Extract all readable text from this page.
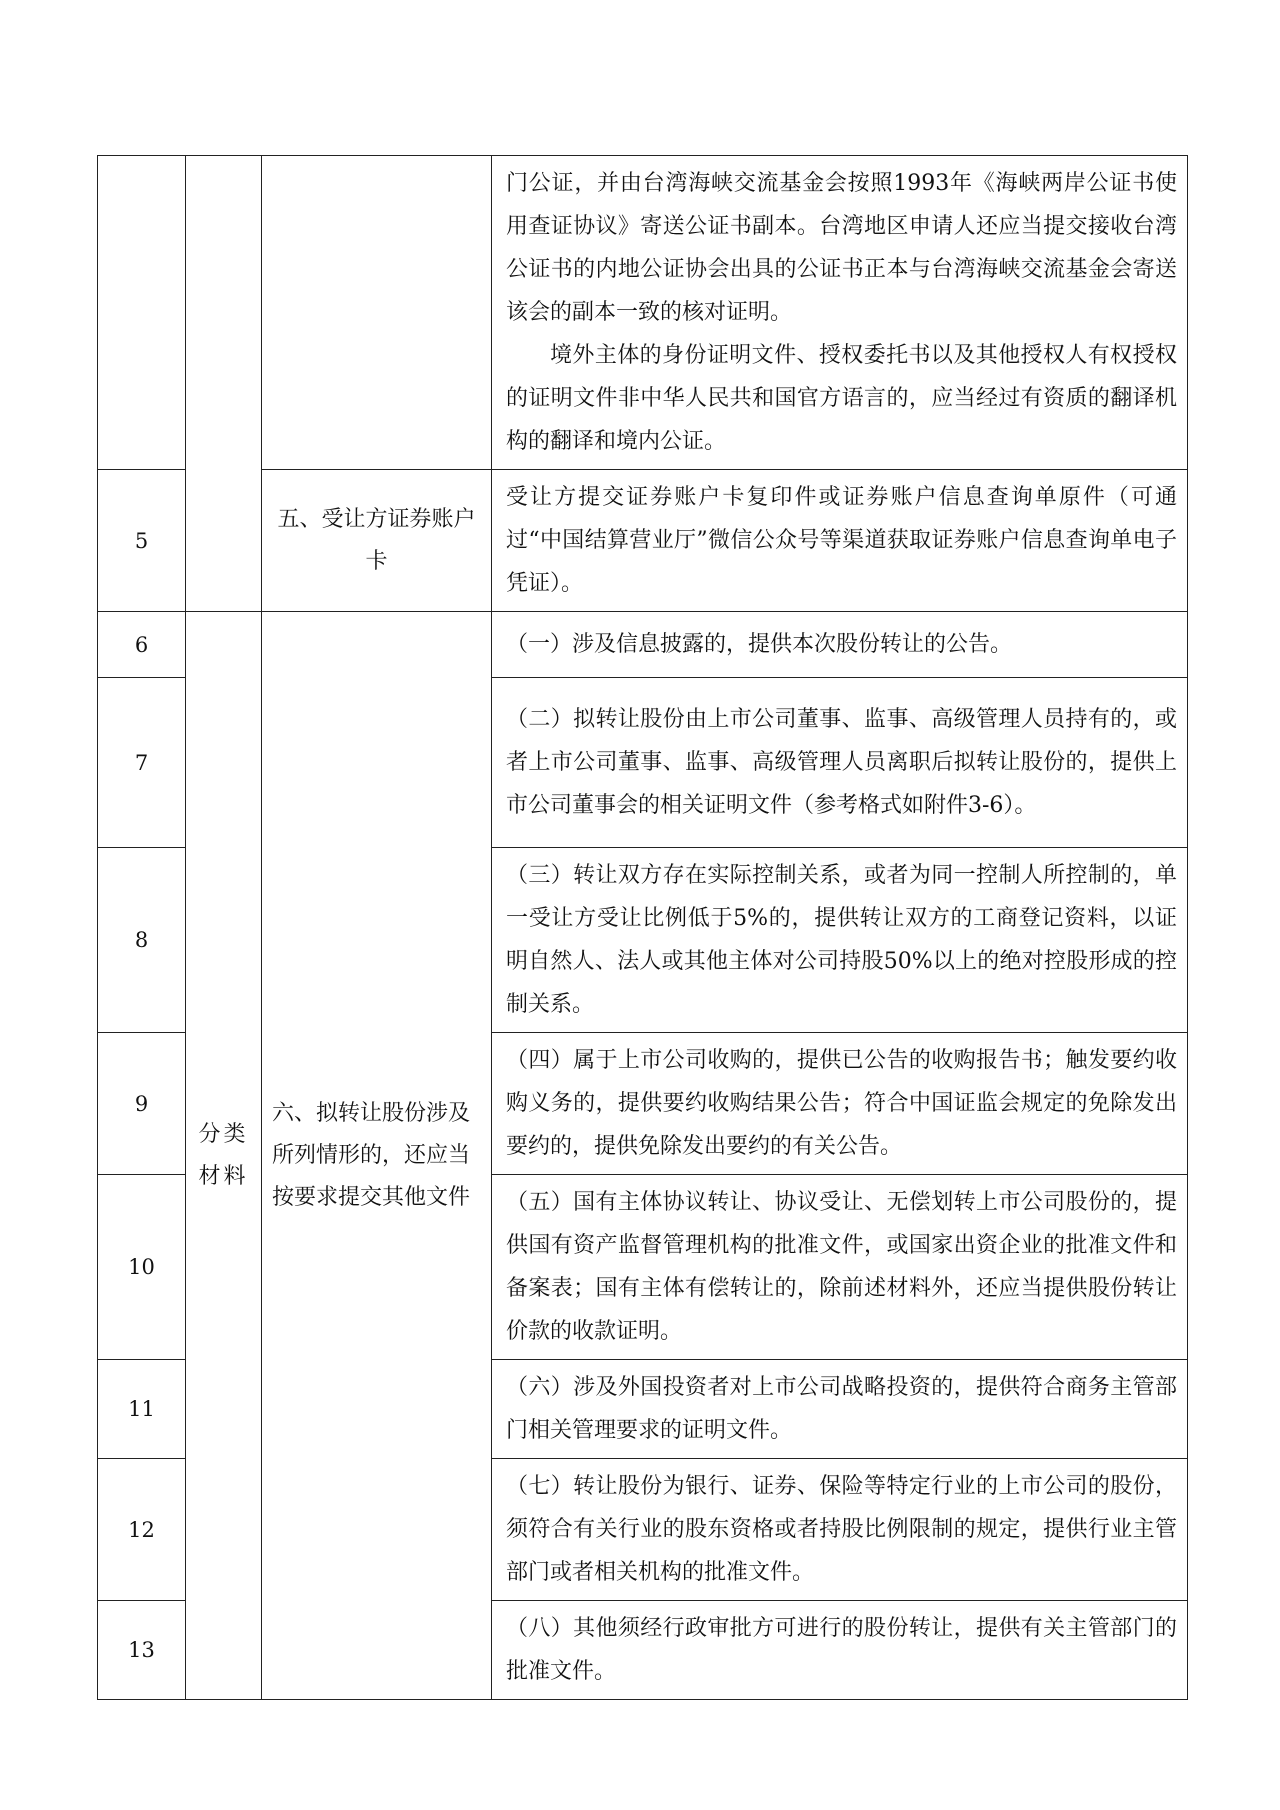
			门公证，并由台湾海峡交流基金会按照1993年《海峡两岸公证书使用查证协议》寄送公证书副本。台湾地区申请人还应当提交接收台湾公证书的内地公证协会出具的公证书正本与台湾海峡交流基金会寄送该会的副本一致的核对证明。

境外主体的身份证明文件、授权委托书以及其他授权人有权授权的证明文件非中华人民共和国官方语言的，应当经过有资质的翻译机构的翻译和境内公证。

5		五、受让方证券账户卡	受让方提交证券账户卡复印件或证券账户信息查询单原件（可通过“中国结算营业厅”微信公众号等渠道获取证券账户信息查询单电子凭证）。
6	分类材料	六、拟转让股份涉及所列情形的，还应当按要求提交其他文件	（一）涉及信息披露的，提供本次股份转让的公告。
7			（二）拟转让股份由上市公司董事、监事、高级管理人员持有的，或者上市公司董事、监事、高级管理人员离职后拟转让股份的，提供上市公司董事会的相关证明文件（参考格式如附件3-6）。
8			（三）转让双方存在实际控制关系，或者为同一控制人所控制的，单一受让方受让比例低于5%的，提供转让双方的工商登记资料，以证明自然人、法人或其他主体对公司持股50%以上的绝对控股形成的控制关系。
9			（四）属于上市公司收购的，提供已公告的收购报告书；触发要约收购义务的，提供要约收购结果公告；符合中国证监会规定的免除发出要约的，提供免除发出要约的有关公告。
10			（五）国有主体协议转让、协议受让、无偿划转上市公司股份的，提供国有资产监督管理机构的批准文件，或国家出资企业的批准文件和备案表；国有主体有偿转让的，除前述材料外，还应当提供股份转让价款的收款证明。
11			（六）涉及外国投资者对上市公司战略投资的，提供符合商务主管部门相关管理要求的证明文件。
12			（七）转让股份为银行、证券、保险等特定行业的上市公司的股份，须符合有关行业的股东资格或者持股比例限制的规定，提供行业主管部门或者相关机构的批准文件。
13			（八）其他须经行政审批方可进行的股份转让，提供有关主管部门的批准文件。
